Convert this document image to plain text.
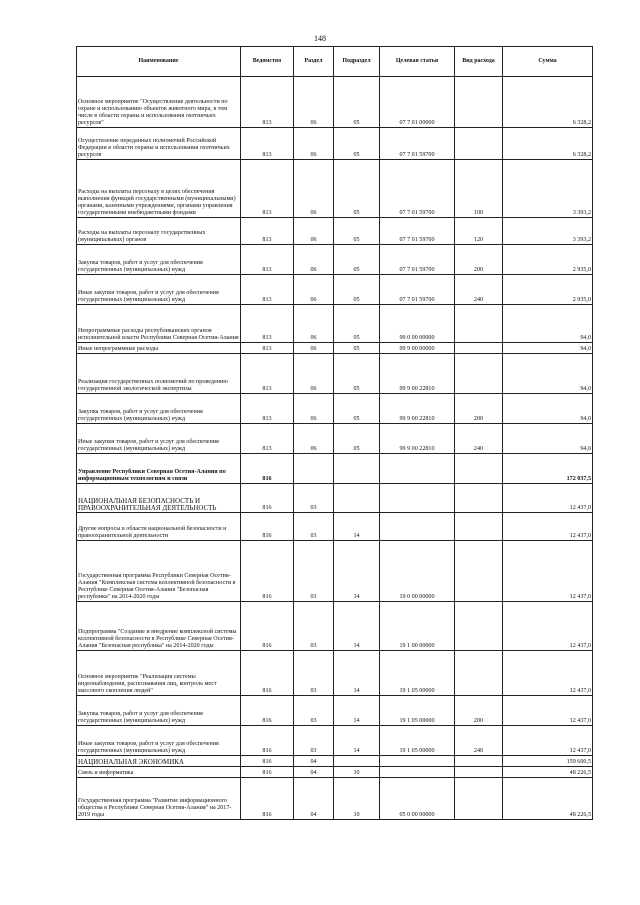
148
Наименование	Ведомство	Раздел	Подраздел	Целевая статья	Вид расхода	Сумма
Основное мероприятие "Осуществление деятельности по охране и использованию объектов животного мира, в том числе в области охраны и использования охотничьих ресурсов"	813	06	05	07 7 01 00000		6 328,2
Осуществление переданных полномочий Российской Федерации в области охраны и использования охотничьих ресурсов	813	06	05	07 7 01 59700		6 328,2
Расходы на выплаты персоналу в целях обеспечения выполнения функций государственными (муниципальными) органами, казенными учреждениями, органами управления государственными внебюджетными фондами	813	06	05	07 7 01 59700	100	3 393,2
Расходы на выплаты персоналу государственных (муниципальных) органов	813	06	05	07 7 01 59700	120	3 393,2
Закупка товаров, работ и услуг для обеспечения государственных (муниципальных) нужд	813	06	05	07 7 01 59700	200	2 935,0
Иные закупки товаров, работ и услуг для обеспечения государственных (муниципальных) нужд	813	06	05	07 7 01 59700	240	2 935,0
Непрограммные расходы республиканских органов исполнительной власти Республики Северная Осетия-Алания	813	06	05	99 0 00 00000		94,0
Иные непрограммные расходы	813	06	05	99 9 00 00000		94,0
Реализация государственных полномочий по проведению государственной экологической экспертизы	813	06	05	99 9 00 22810		94,0
Закупка товаров, работ и услуг для обеспечения государственных (муниципальных) нужд	813	06	05	99 9 00 22810	200	94,0
Иные закупки товаров, работ и услуг для обеспечения государственных (муниципальных) нужд	813	06	05	99 9 00 22810	240	94,0
Управление Республики Северная Осетия-Алания по информационным технологиям и связи	816					172 037,5
НАЦИОНАЛЬНАЯ БЕЗОПАСНОСТЬ И ПРАВООХРАНИТЕЛЬНАЯ ДЕЯТЕЛЬНОСТЬ	816	03				12 437,0
Другие вопросы в области национальной безопасности и правоохранительной деятельности	816	03	14			12 437,0
Государственная программа Республики Северная Осетия-Алания "Комплексная система коллективной безопасности в Республике Северная Осетия-Алания "Безопасная республика" на 2014-2020 годы	816	03	14	19 0 00 00000		12 437,0
Подпрограмма "Создание и внедрение комплексной системы коллективной безопасности в Республике Северная Осетия-Алания "Безопасная республика" на 2014-2020 годы	816	03	14	19 1 00 00000		12 437,0
Основное мероприятие "Реализация системы видеонаблюдения, распознавания лиц, контроль мест массового скопления людей"	816	03	14	19 1 05 00000		12 437,0
Закупка товаров, работ и услуг для обеспечения государственных (муниципальных) нужд	816	03	14	19 1 05 00000	200	12 437,0
Иные закупки товаров, работ и услуг для обеспечения государственных (муниципальных) нужд	816	03	14	19 1 05 00000	240	12 437,0
НАЦИОНАЛЬНАЯ ЭКОНОМИКА	816	04				159 600,5
Связь и информатика	816	04	10			48 226,5
Государственная программа "Развитие информационного общества в Республике Северная Осетия-Алания" на 2017-2019 годы	816	04	10	05 0 00 00000		48 226,5
